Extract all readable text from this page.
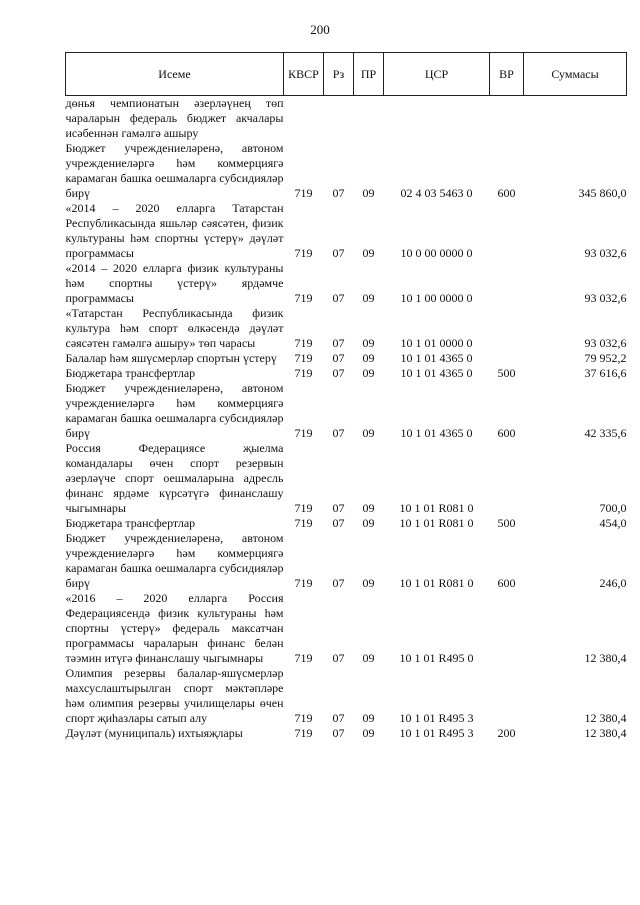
200
Исеме	КВСР	Рз	ПР	ЦСР	ВР	Суммасы
дөнья чемпионатын әзерләүнең төп чараларын федераль бюджет акчалары исәбеннән гамәлгә ашыру						
Бюджет учреждениеләренә, автоном учреждениеләргә һәм коммерциягә карамаган башка оешмаларга субсидияләр бирү	719	07	09	02 4 03 5463 0	600	345 860,0
«2014 – 2020 елларга Татарстан Республикасында яшьләр сәясәтен, физик культураны һәм спортны үстерү» дәүләт программасы	719	07	09	10 0 00 0000 0		93 032,6
«2014 – 2020 елларга физик культураны һәм спортны үстерү» ярдәмче программасы	719	07	09	10 1 00 0000 0		93 032,6
«Татарстан Республикасында физик культура һәм спорт өлкәсендә дәүләт сәясәтен гамәлгә ашыру» төп чарасы	719	07	09	10 1 01 0000 0		93 032,6
Балалар һәм яшүсмерләр спортын үстерү	719	07	09	10 1 01 4365 0		79 952,2
Бюджетара трансфертлар	719	07	09	10 1 01 4365 0	500	37 616,6
Бюджет учреждениеләренә, автоном учреждениеләргә һәм коммерциягә карамаган башка оешмаларга субсидияләр бирү	719	07	09	10 1 01 4365 0	600	42 335,6
Россия Федерациясе җыелма командалары өчен спорт резервын әзерләүче спорт оешмаларына адресль финанс ярдәме күрсәтүгә финанслашу чыгымнары	719	07	09	10 1 01 R081 0		700,0
Бюджетара трансфертлар	719	07	09	10 1 01 R081 0	500	454,0
Бюджет учреждениеләренә, автоном учреждениеләргә һәм коммерциягә карамаган башка оешмаларга субсидияләр бирү	719	07	09	10 1 01 R081 0	600	246,0
«2016 – 2020 елларга Россия Федерациясендә физик культураны һәм спортны үстерү» федераль максатчан программасы чараларын финанс белән тәэмин итүгә финанслашу чыгымнары	719	07	09	10 1 01 R495 0		12 380,4
Олимпия резервы балалар-яшүсмерләр махсуслаштырылган спорт мәктәпләре һәм олимпия резервы училищелары өчен спорт җиһазлары сатып алу	719	07	09	10 1 01 R495 3		12 380,4
Дәүләт (муниципаль) ихтыяҗлары	719	07	09	10 1 01 R495 3	200	12 380,4
